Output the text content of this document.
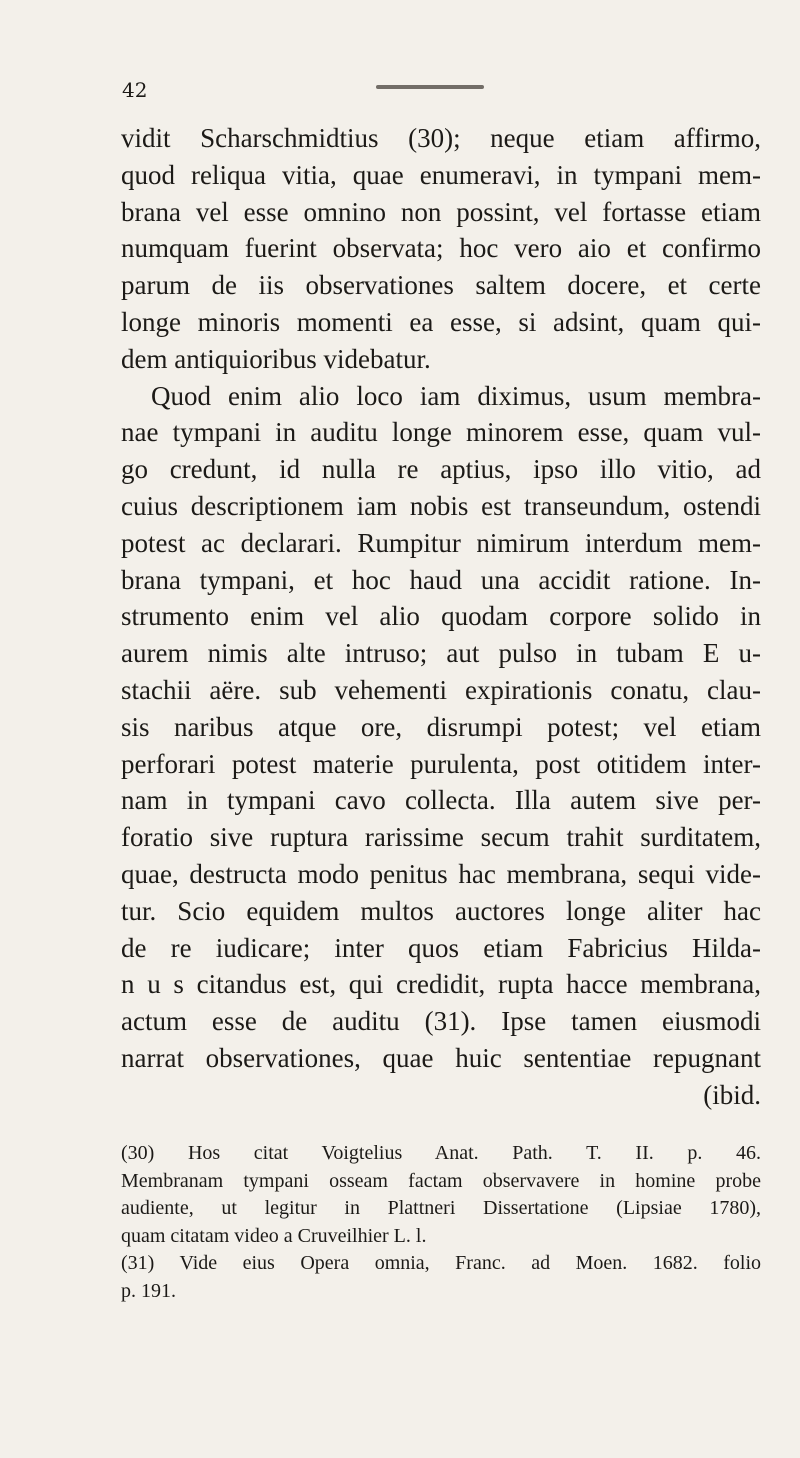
42
vidit Scharschmidtius (30); neque etiam affirmo,
quod reliqua vitia, quae enumeravi, in tympani mem-
brana vel esse omnino non possint, vel fortasse etiam
numquam fuerint observata; hoc vero aio et confirmo
parum de iis observationes saltem docere, et certe
longe minoris momenti ea esse, si adsint, quam qui-
dem antiquioribus videbatur.
Quod enim alio loco iam diximus, usum membra-
nae tympani in auditu longe minorem esse, quam vul-
go credunt, id nulla re aptius, ipso illo vitio, ad
cuius descriptionem iam nobis est transeundum, ostendi
potest ac declarari. Rumpitur nimirum interdum mem-
brana tympani, et hoc haud una accidit ratione. In-
strumento enim vel alio quodam corpore solido in
aurem nimis alte intruso; aut pulso in tubam E u-
stachii aëre. sub vehementi expirationis conatu, clau-
sis naribus atque ore, disrumpi potest; vel etiam
perforari potest materie purulenta, post otitidem inter-
nam in tympani cavo collecta. Illa autem sive per-
foratio sive ruptura rarissime secum trahit surditatem,
quae, destructa modo penitus hac membrana, sequi vide-
tur. Scio equidem multos auctores longe aliter hac
de re iudicare; inter quos etiam Fabricius Hilda-
n u s citandus est, qui credidit, rupta hacce membrana,
actum esse de auditu (31). Ipse tamen eiusmodi
narrat observationes, quae huic sententiae repugnant
(ibid.
(30) Hos citat Voigtelius Anat. Path. T. II. p. 46.
Membranam tympani osseam factam observavere in homine probe
audiente, ut legitur in Plattneri Dissertatione (Lipsiae 1780),
quam citatam video a Cruveilhier L. l.
(31) Vide eius Opera omnia, Franc. ad Moen. 1682. folio
p. 191.
